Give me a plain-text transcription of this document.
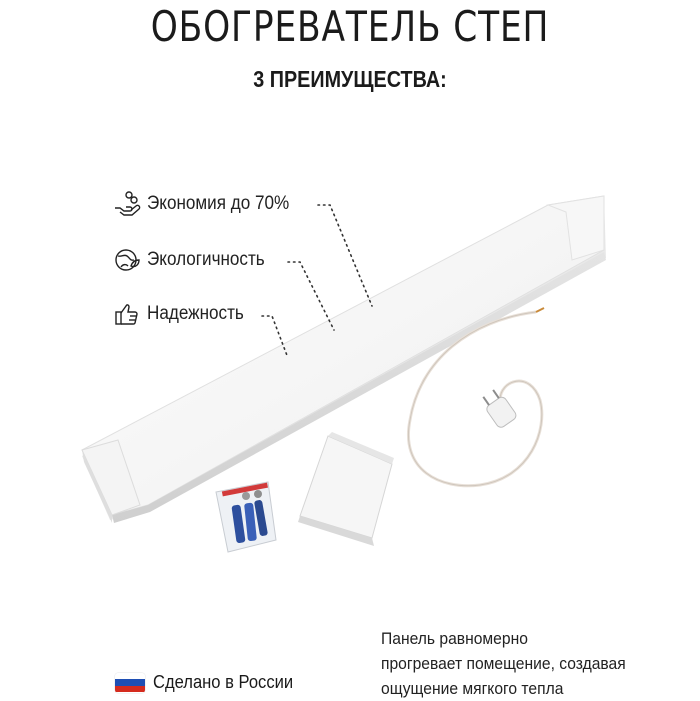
ОБОГРЕВАТЕЛЬ СТЕП
3 ПРЕИМУЩЕСТВА:
Экономия до 70%
Экологичность
Надежность
Сделано в России
Панель равномерно
прогревает помещение, создавая
ощущение мягкого тепла
